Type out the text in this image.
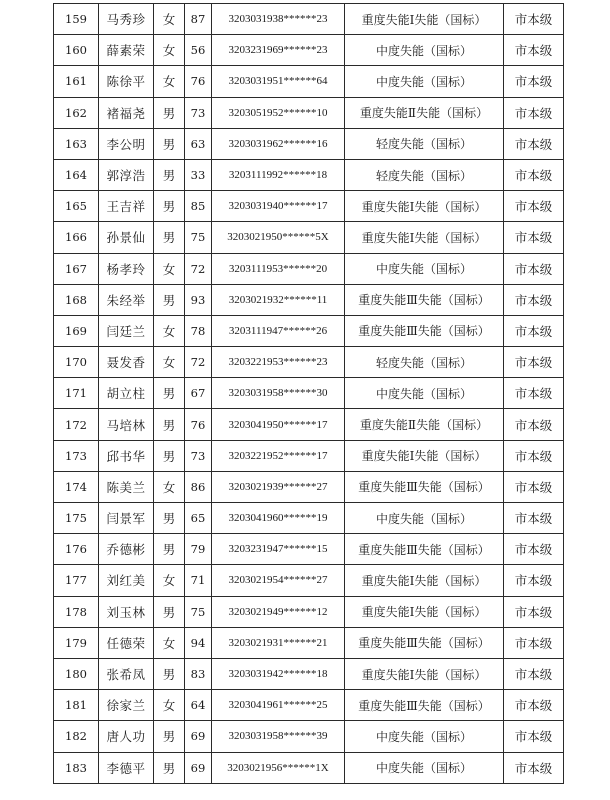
159	马秀珍	女	87	3203031938******23	重度失能Ⅰ失能（国标）	市本级
160	薛素荣	女	56	3203231969******23	中度失能（国标）	市本级
161	陈徐平	女	76	3203031951******64	中度失能（国标）	市本级
162	褚福尧	男	73	3203051952******10	重度失能Ⅱ失能（国标）	市本级
163	李公明	男	63	3203031962******16	轻度失能（国标）	市本级
164	郭淳浩	男	33	3203111992******18	轻度失能（国标）	市本级
165	王吉祥	男	85	3203031940******17	重度失能Ⅰ失能（国标）	市本级
166	孙景仙	男	75	3203021950******5X	重度失能Ⅰ失能（国标）	市本级
167	杨孝玲	女	72	3203111953******20	中度失能（国标）	市本级
168	朱经举	男	93	3203021932******11	重度失能Ⅲ失能（国标）	市本级
169	闫廷兰	女	78	3203111947******26	重度失能Ⅲ失能（国标）	市本级
170	聂发香	女	72	3203221953******23	轻度失能（国标）	市本级
171	胡立柱	男	67	3203031958******30	中度失能（国标）	市本级
172	马培林	男	76	3203041950******17	重度失能Ⅱ失能（国标）	市本级
173	邱书华	男	73	3203221952******17	重度失能Ⅰ失能（国标）	市本级
174	陈美兰	女	86	3203021939******27	重度失能Ⅲ失能（国标）	市本级
175	闫景军	男	65	3203041960******19	中度失能（国标）	市本级
176	乔德彬	男	79	3203231947******15	重度失能Ⅲ失能（国标）	市本级
177	刘红美	女	71	3203021954******27	重度失能Ⅰ失能（国标）	市本级
178	刘玉林	男	75	3203021949******12	重度失能Ⅰ失能（国标）	市本级
179	任德荣	女	94	3203021931******21	重度失能Ⅲ失能（国标）	市本级
180	张希凤	男	83	3203031942******18	重度失能Ⅰ失能（国标）	市本级
181	徐家兰	女	64	3203041961******25	重度失能Ⅲ失能（国标）	市本级
182	唐人功	男	69	3203031958******39	中度失能（国标）	市本级
183	李德平	男	69	3203021956******1X	中度失能（国标）	市本级
